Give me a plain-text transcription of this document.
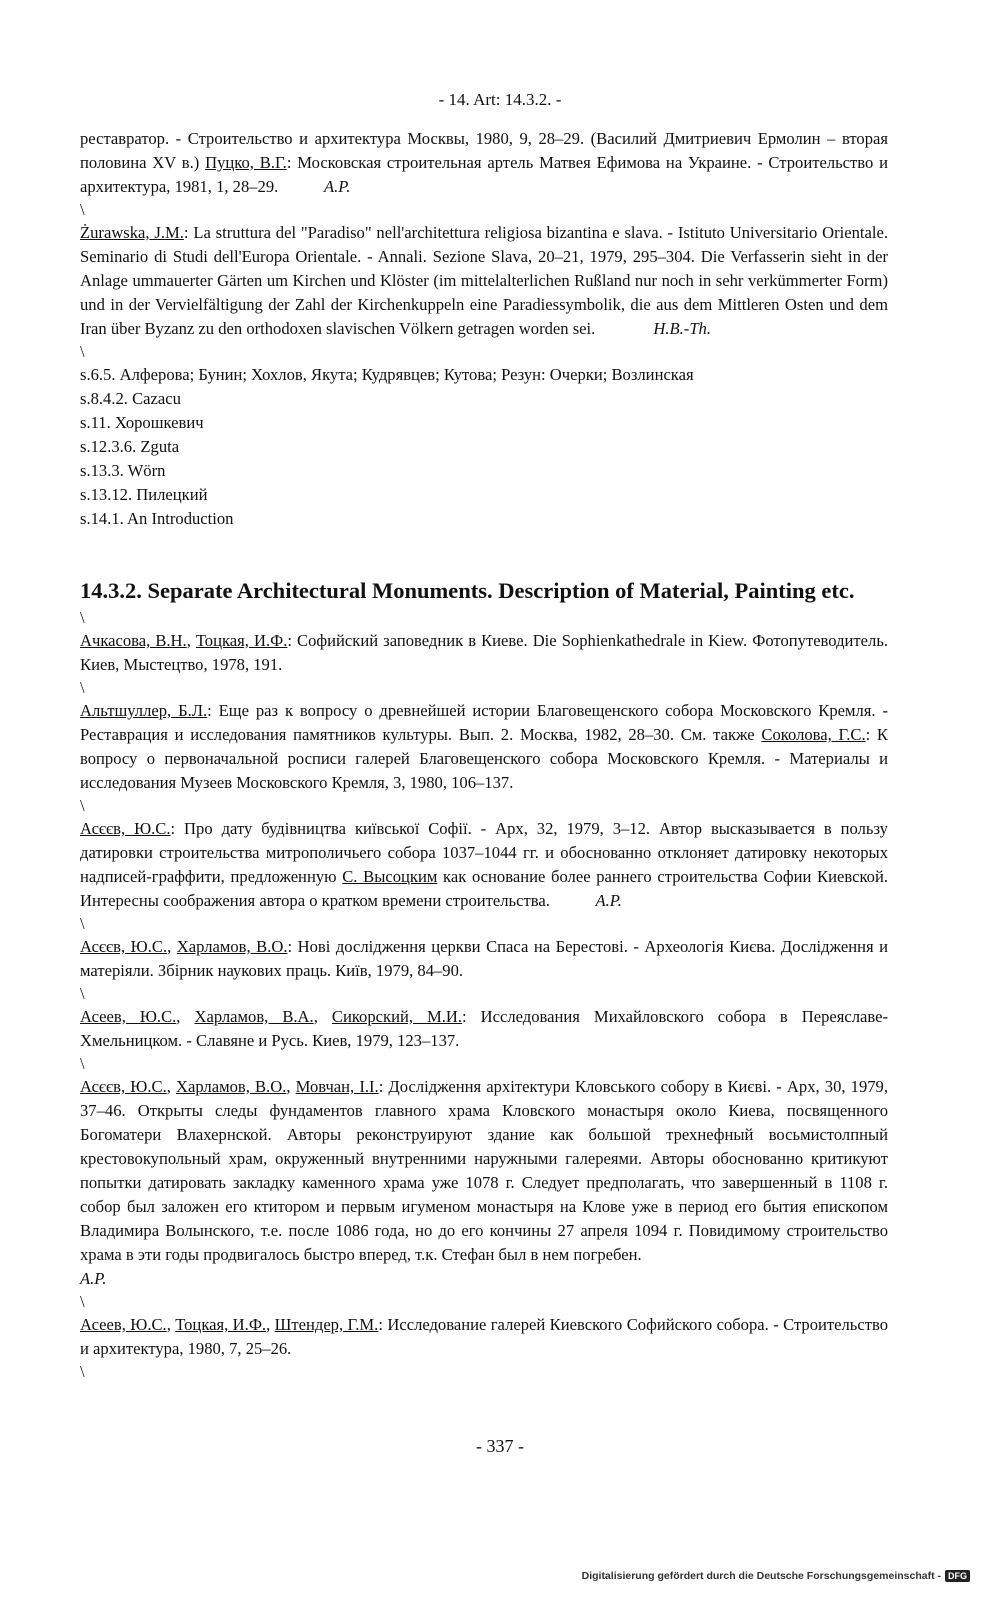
- 14. Art: 14.3.2. -

реставратор. - Строительство и архитектура Москвы, 1980, 9, 28–29. (Василий Дмитриевич Ермолин – вторая половина XV в.) Пуцко, В.Г.: Московская строительная артель Матвея Ефимова на Украине. - Строительство и архитектура, 1981, 1, 28–29.	A.P.

\

Żurawska, J.M.: La struttura del "Paradiso" nell'architettura religiosa bizantina e slava. - Istituto Universitario Orientale. Seminario di Studi dell'Europa Orientale. - Annali. Sezione Slava, 20–21, 1979, 295–304. Die Verfasserin sieht in der Anlage ummauerter Gärten um Kirchen und Klöster (im mittelalterlichen Rußland nur noch in sehr verkümmerter Form) und in der Vervielfältigung der Zahl der Kirchenkuppeln eine Paradiessymbolik, die aus dem Mittleren Osten und dem Iran über Byzanz zu den orthodoxen slavischen Völkern getragen worden sei.	H.B.-Th.

\

s.6.5. Алферова; Бунин; Хохлов, Якута; Кудрявцев; Кутова; Резун: Очерки; Возлинская

s.8.4.2. Cazacu

s.11. Хорошкевич

s.12.3.6. Zguta

s.13.3. Wörn

s.13.12. Пилецкий

s.14.1. An Introduction

14.3.2. Separate Architectural Monuments. Description of Material, Painting etc.

\

Ачкасова, В.Н., Тоцкая, И.Ф.: Софийский заповедник в Киеве. Die Sophienkathedrale in Kiew. Фотопутеводитель. Киев, Мыстецтво, 1978, 191.

\

Альтшуллер, Б.Л.: Еще раз к вопросу о древнейшей истории Благовещенского собора Московского Кремля. - Реставрация и исследования памятников культуры. Вып. 2. Москва, 1982, 28–30. См. также Соколова, Г.С.: К вопросу о первоначальной росписи галерей Благовещенского собора Московского Кремля. - Материалы и исследования Музеев Московского Кремля, 3, 1980, 106–137.

\

Асєєв, Ю.С.: Про дату будівництва київської Софії. - Арх, 32, 1979, 3–12. Автор высказывается в пользу датировки строительства митрополичьего собора 1037–1044 гг. и обоснованно отклоняет датировку некоторых надписей-граффити, предложенную С. Высоцким как основание более раннего строительства Софии Киевской. Интересны соображения автора о кратком времени строительства.	A.P.

\

Асєєв, Ю.С., Харламов, В.О.: Нові дослідження церкви Спаса на Берестові. - Археологія Києва. Дослідження и матеріяли. Збірник наукових праць. Київ, 1979, 84–90.

\

Асеев, Ю.С., Харламов, В.А., Сикорский, М.И.: Исследования Михайловского собора в Переяславе-Хмельницком. - Славяне и Русь. Киев, 1979, 123–137.

\

Асєєв, Ю.С., Харламов, В.О., Мовчан, І.І.: Дослідження архітектури Кловського собору в Києві. - Арх, 30, 1979, 37–46. Открыты следы фундаментов главного храма Кловского монастыря около Киева, посвященного Богоматери Влахернской. Авторы реконструируют здание как большой трехнефный восьмистолпный крестовокупольный храм, окруженный внутренними наружными галереями. Авторы обоснованно критикуют попытки датировать закладку каменного храма уже 1078 г. Следует предполагать, что завершенный в 1108 г. собор был заложен его ктитором и первым игуменом монастыря на Клове уже в период его бытия епископом Владимира Волынского, т.е. после 1086 года, но до его кончины 27 апреля 1094 г. Повидимому строительство храма в эти годы продвигалось быстро вперед, т.к. Стефан был в нем погребен.
A.P.

\

Асеев, Ю.С., Тоцкая, И.Ф., Штендер, Г.М.: Исследование галерей Киевского Софийского собора. - Строительство и архитектура, 1980, 7, 25–26.

\

- 337 -
Digitalisierung gefördert durch die Deutsche Forschungsgemeinschaft - DFG
